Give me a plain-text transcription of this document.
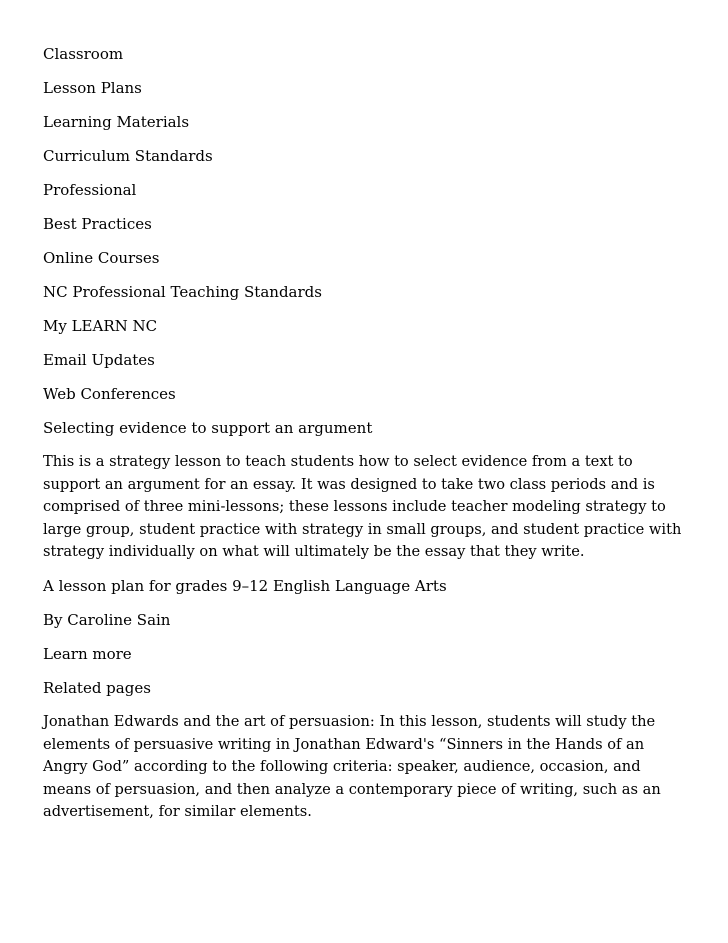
Classroom
Lesson Plans
Learning Materials
Curriculum Standards
Professional
Best Practices
Online Courses
NC Professional Teaching Standards
My LEARN NC
Email Updates
Web Conferences
Selecting evidence to support an argument
This is a strategy lesson to teach students how to select evidence from a text to support an argument for an essay. It was designed to take two class periods and is comprised of three mini-lessons; these lessons include teacher modeling strategy to large group, student practice with strategy in small groups, and student practice with strategy individually on what will ultimately be the essay that they write.
A lesson plan for grades 9–12 English Language Arts
By Caroline Sain
Learn more
Related pages
Jonathan Edwards and the art of persuasion: In this lesson, students will study the elements of persuasive writing in Jonathan Edward's “Sinners in the Hands of an Angry God” according to the following criteria: speaker, audience, occasion, and means of persuasion, and then analyze a contemporary piece of writing, such as an advertisement, for similar elements.
